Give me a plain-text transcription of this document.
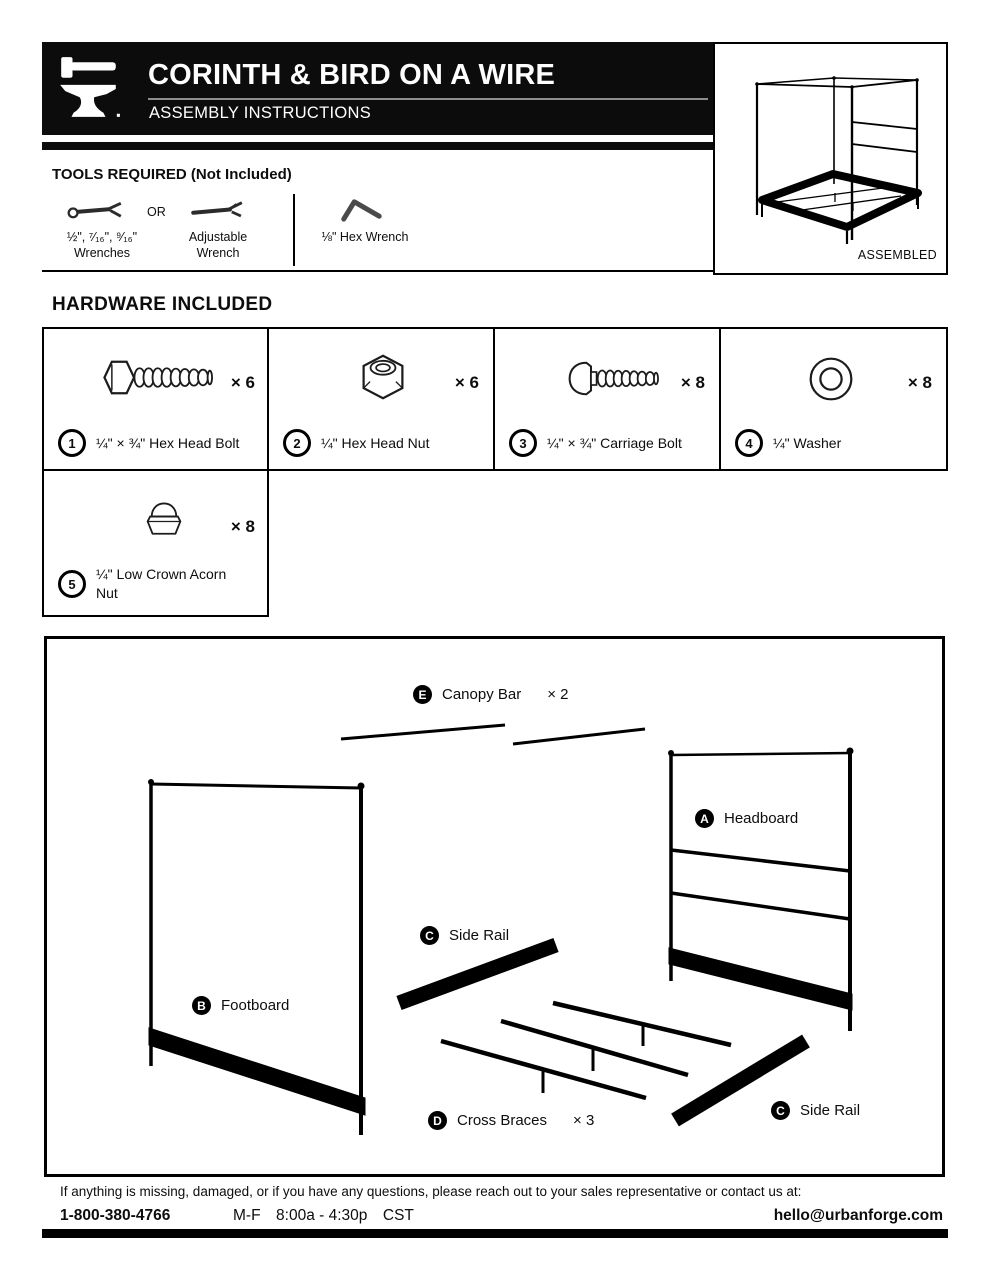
CORINTH & BIRD ON A WIRE
ASSEMBLY INSTRUCTIONS
ASSEMBLED
TOOLS REQUIRED (Not Included)
OR
½", ⁷⁄₁₆", ⁹⁄₁₆"
Wrenches
Adjustable
Wrench
⅛" Hex Wrench
HARDWARE INCLUDED
× 6
1	¼" × ¾" Hex Head Bolt
× 6
2	¼" Hex Head Nut
× 8
3	¼" × ¾" Carriage Bolt
× 8
4	¼" Washer
× 8
5
¼" Low Crown Acorn Nut
E	Canopy Bar × 2
A	Headboard
B	Footboard
C	Side Rail
D	Cross Braces × 3
C	Side Rail
If anything is missing, damaged, or if you have any questions, please reach out to your sales representative or contact us at:
1-800-380-4766	M-F  8:00a - 4:30p  CST	hello@urbanforge.com
